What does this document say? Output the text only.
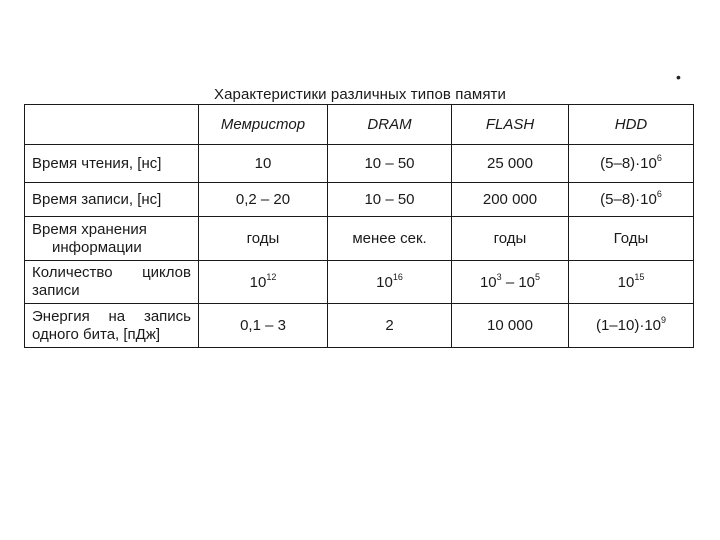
•
Характеристики различных типов памяти
	Мемристор	DRAM	FLASH	HDD
Время чтения, [нс]	10	10 – 50	25 000	$(5-8)\cdot 10^6$
Время записи, [нс]	0,2 – 20	10 – 50	200 000	$(5-8)\cdot 10^6$

Время хранения
информации	годы	менее сек.	годы	Годы

Количество циклов
записи	$10^{12}$	$10^{16}$	$10^3 - 10^5$	$10^{15}$

Энергия на запись
одного бита, [пДж]	0,1 – 3	2	10 000	$(1-10)\cdot 10^9$
